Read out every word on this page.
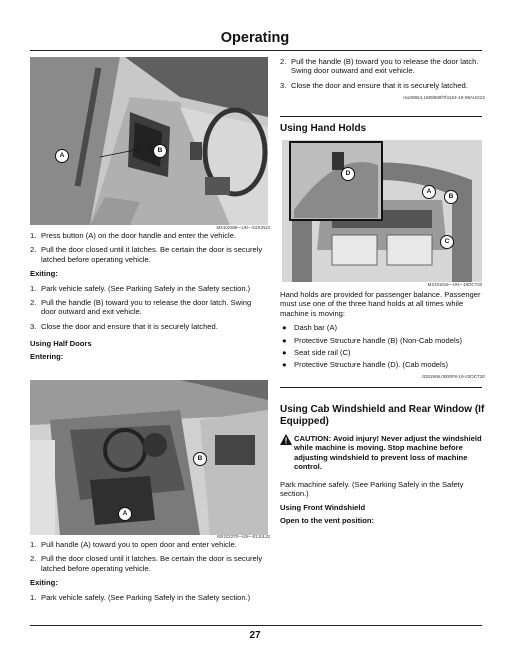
Operating
A
B
MX102389—UN—23JUN22
1. Press button (A) on the door handle and enter the vehicle.
2. Pull the door closed until it latches. Be certain the door is securely latched before operating vehicle.

Exiting:

1. Park vehicle safely. (See Parking Safely in the Safety section.)
2. Pull the handle (B) toward you to release the door latch. Swing door outward and exit vehicle.
3. Close the door and ensure that it is securely latched.

Using Half Doors

Entering:

B
A
MX102270—UN—01JUL22
1. Pull handle (A) toward you to open door and enter vehicle.
2. Pull the door closed until it latches. Be certain the door is securely latched before operating vehicle.

Exiting:

1. Park vehicle safely. (See Parking Safely in the Safety section.)
2. Pull the handle (B) toward you to release the door latch. Swing door outward and exit vehicle.
3. Close the door and ensure that it is securely latched.
mx08654,1685990f7f4164-19-08AUG22
Using Hand Holds
D
A
B
C
MX101619—UN—19OCT20

Hand holds are provided for passenger balance. Passenger must use one of the three hand holds at all times while machine is moving:

● Dash bar (A)
● Protective Structure handle (B) (Non-Cab models)
● Seat side rail (C)
● Protective Structure handle (D). (Cab models)
JG81906,0000F8-19-23OCT20
Using Cab Windshield and Rear Window (If Equipped)
CAUTION: Avoid injury! Never adjust the windshield while machine is moving. Stop machine before adjusting windshield to prevent loss of machine control.

Park machine safely. (See Parking Safely in the Safety section.)

Using Front Windshield

Open to the vent position:

27
